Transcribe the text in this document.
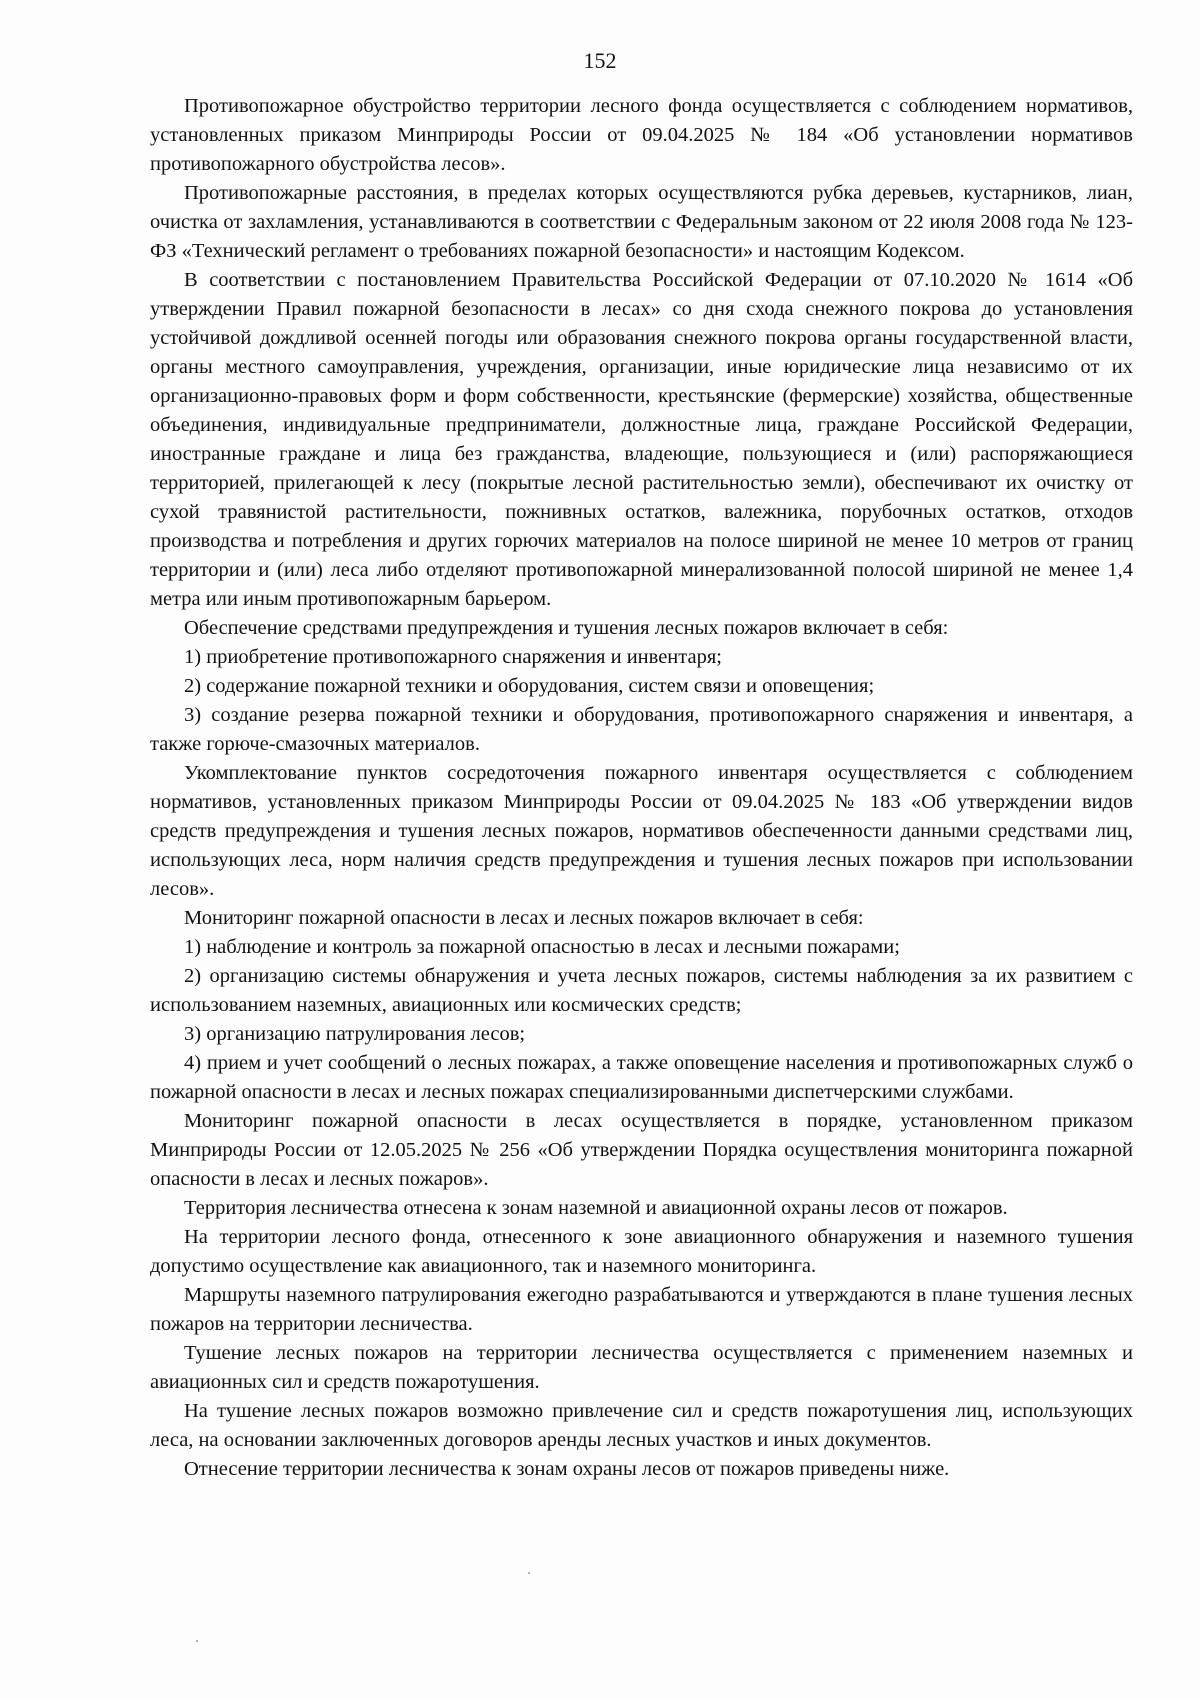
152

Противопожарное обустройство территории лесного фонда осуществляется с соблюдением нормативов, установленных приказом Минприроды России от 09.04.2025 № 184 «Об установлении нормативов противопожарного обустройства лесов».

Противопожарные расстояния, в пределах которых осуществляются рубка деревьев, кустарников, лиан, очистка от захламления, устанавливаются в соответствии с Федеральным законом от 22 июля 2008 года № 123-ФЗ «Технический регламент о требованиях пожарной безопасности» и настоящим Кодексом.

В соответствии с постановлением Правительства Российской Федерации от 07.10.2020 № 1614 «Об утверждении Правил пожарной безопасности в лесах» со дня схода снежного покрова до установления устойчивой дождливой осенней погоды или образования снежного покрова органы государственной власти, органы местного самоуправления, учреждения, организации, иные юридические лица независимо от их организационно-правовых форм и форм собственности, крестьянские (фермерские) хозяйства, общественные объединения, индивидуальные предприниматели, должностные лица, граждане Российской Федерации, иностранные граждане и лица без гражданства, владеющие, пользующиеся и (или) распоряжающиеся территорией, прилегающей к лесу (покрытые лесной растительностью земли), обеспечивают их очистку от сухой травянистой растительности, пожнивных остатков, валежника, порубочных остатков, отходов производства и потребления и других горючих материалов на полосе шириной не менее 10 метров от границ территории и (или) леса либо отделяют противопожарной минерализованной полосой шириной не менее 1,4 метра или иным противопожарным барьером.

Обеспечение средствами предупреждения и тушения лесных пожаров включает в себя:

1) приобретение противопожарного снаряжения и инвентаря;

2) содержание пожарной техники и оборудования, систем связи и оповещения;

3) создание резерва пожарной техники и оборудования, противопожарного снаряжения и инвентаря, а также горюче-смазочных материалов.

Укомплектование пунктов сосредоточения пожарного инвентаря осуществляется с соблюдением нормативов, установленных приказом Минприроды России от 09.04.2025 № 183 «Об утверждении видов средств предупреждения и тушения лесных пожаров, нормативов обеспеченности данными средствами лиц, использующих леса, норм наличия средств предупреждения и тушения лесных пожаров при использовании лесов».

Мониторинг пожарной опасности в лесах и лесных пожаров включает в себя:

1) наблюдение и контроль за пожарной опасностью в лесах и лесными пожарами;

2) организацию системы обнаружения и учета лесных пожаров, системы наблюдения за их развитием с использованием наземных, авиационных или космических средств;

3) организацию патрулирования лесов;

4) прием и учет сообщений о лесных пожарах, а также оповещение населения и противопожарных служб о пожарной опасности в лесах и лесных пожарах специализированными диспетчерскими службами.

Мониторинг пожарной опасности в лесах осуществляется в порядке, установленном приказом Минприроды России от 12.05.2025 № 256 «Об утверждении Порядка осуществления мониторинга пожарной опасности в лесах и лесных пожаров».

Территория лесничества отнесена к зонам наземной и авиационной охраны лесов от пожаров.

На территории лесного фонда, отнесенного к зоне авиационного обнаружения и наземного тушения допустимо осуществление как авиационного, так и наземного мониторинга.

Маршруты наземного патрулирования ежегодно разрабатываются и утверждаются в плане тушения лесных пожаров на территории лесничества.

Тушение лесных пожаров на территории лесничества осуществляется с применением наземных и авиационных сил и средств пожаротушения.

На тушение лесных пожаров возможно привлечение сил и средств пожаротушения лиц, использующих леса, на основании заключенных договоров аренды лесных участков и иных документов.

Отнесение территории лесничества к зонам охраны лесов от пожаров приведены ниже.
